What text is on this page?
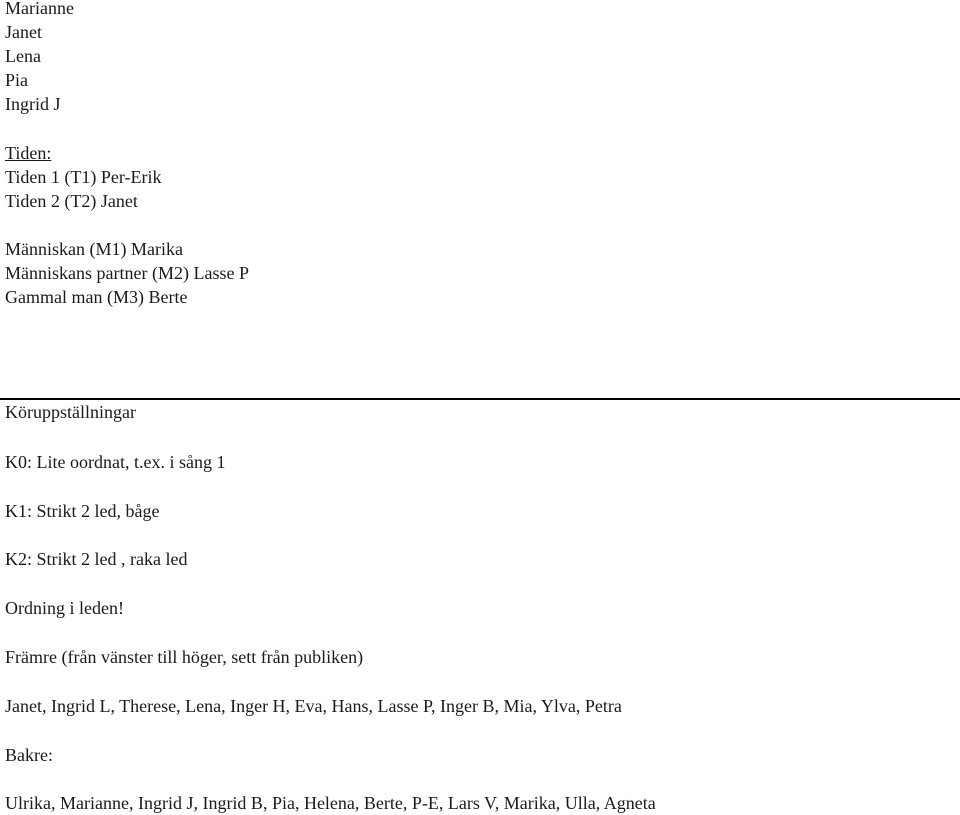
Marianne
Janet
Lena
Pia
Ingrid J
Tiden:
Tiden 1 (T1) Per-Erik
Tiden 2 (T2) Janet
Människan (M1) Marika
Människans partner (M2) Lasse P
Gammal man (M3) Berte
Köruppställningar
K0: Lite oordnat, t.ex. i sång 1
K1: Strikt 2 led, båge
K2: Strikt 2 led , raka led
Ordning i leden!
Främre (från vänster till höger, sett från publiken)
Janet, Ingrid L, Therese, Lena, Inger H, Eva, Hans, Lasse P, Inger B, Mia, Ylva, Petra
Bakre:
Ulrika, Marianne, Ingrid J, Ingrid B, Pia, Helena, Berte, P-E, Lars V, Marika, Ulla, Agneta
